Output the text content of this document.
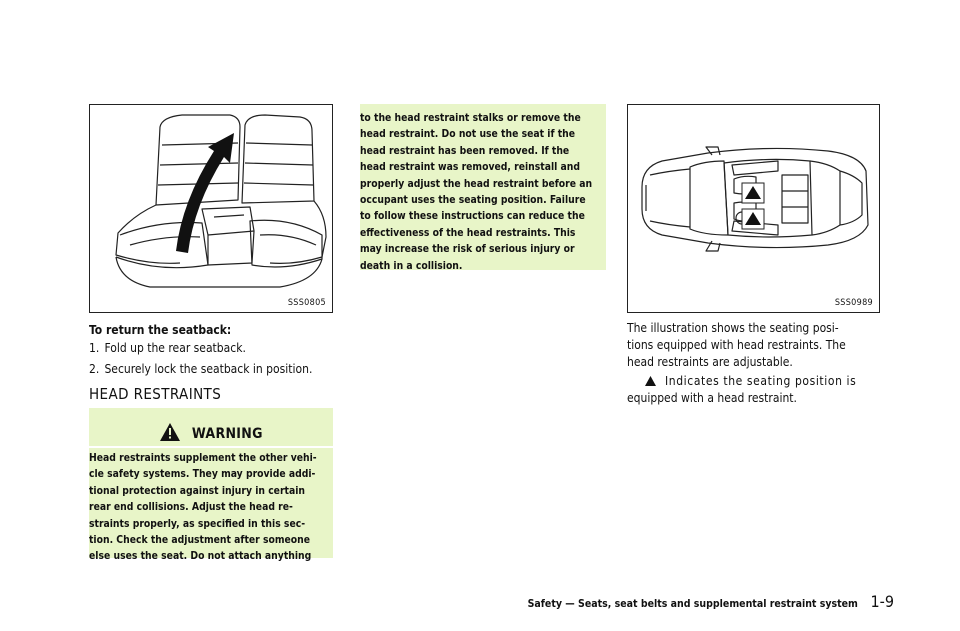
SSS0805
To return the seatback:
1. Fold up the rear seatback.
2. Securely lock the seatback in position.
HEAD RESTRAINTS
WARNING
Head restraints supplement the other vehi-
cle safety systems. They may provide addi-
tional protection against injury in certain
rear end collisions. Adjust the head re-
straints properly, as specified in this sec-
tion. Check the adjustment after someone
else uses the seat. Do not attach anything
to the head restraint stalks or remove the
head restraint. Do not use the seat if the
head restraint has been removed. If the
head restraint was removed, reinstall and
properly adjust the head restraint before an
occupant uses the seating position. Failure
to follow these instructions can reduce the
effectiveness of the head restraints. This
may increase the risk of serious injury or
death in a collision.
SSS0989
The illustration shows the seating posi-
tions equipped with head restraints. The
head restraints are adjustable.
Indicates the seating position is
equipped with a head restraint.
Safety — Seats, seat belts and supplemental restraint system 1-9
